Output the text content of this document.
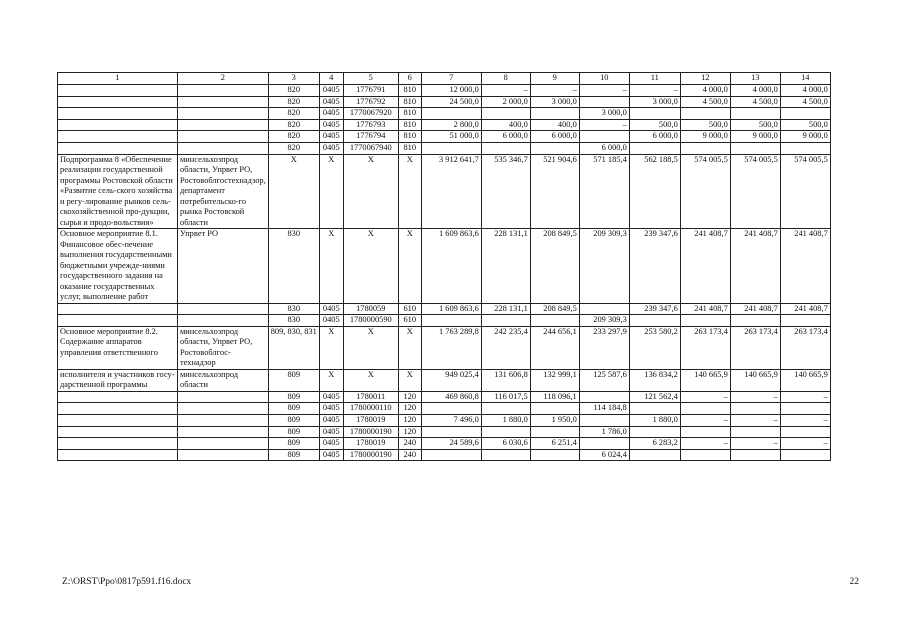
1	2	3	4	5	6	7	8	9	10	11	12	13	14
		820	0405	1776791	810	12 000,0	–	–	–	–	4 000,0	4 000,0	4 000,0
		820	0405	1776792	810	24 500,0	2 000,0	3 000,0		3 000,0	4 500,0	4 500,0	4 500,0
		820	0405	1770067920	810				3 000,0				
		820	0405	1776793	810	2 800,0	400,0	400,0	–	500,0	500,0	500,0	500,0
		820	0405	1776794	810	51 000,0	6 000,0	6 000,0		6 000,0	9 000,0	9 000,0	9 000,0
		820	0405	1770067940	810				6 000,0				
Подпрограмма 8 «Обеспечение реализации государственной программы Ростовской области «Развитие сель-ского хозяйства и регу-лирование рынков сель-скохозяйственной про-дукции, сырья и продо-вольствия»	минсельхозпрод области, Упрвет РО, Ростовоблгостехнадзор, департамент потребительско-го рынка Ростовской области	X	X	X	X	3 912 641,7	535 346,7	521 904,6	571 185,4	562 188,5	574 005,5	574 005,5	574 005,5
Основное мероприятие 8.1. Финансовое обес-печение выполнения государственными бюджетными учрежде-ниями государственного задания на оказание государственных услуг, выполнение работ	Упрвет РО	830	X	X	X	1 609 863,6	228 131,1	208 849,5	209 309,3	239 347,6	241 408,7	241 408,7	241 408,7
		830	0405	1780059	610	1 609 863,6	228 131,1	208 849,5		239 347,6	241 408,7	241 408,7	241 408,7
		830	0405	1780000590	610				209 309,3				
Основное мероприятие 8.2. Содержание аппаратов управления ответственного	минсельхозпрод области, Упрвет РО, Ростовоблгос-технадзор	809, 830, 831	X	X	X	1 763 289,8	242 235,4	244 656,1	233 297,9	253 580,2	263 173,4	263 173,4	263 173,4
исполнителя и участников госу-дарственной программы	минсельхозпрод области	809	X	X	X	949 025,4	131 606,8	132 999,1	125 587,6	136 834,2	140 665,9	140 665,9	140 665,9
		809	0405	1780011	120	469 860,8	116 017,5	118 096,1		121 562,4	–	–	–
		809	0405	1780000110	120				114 184,8				
		809	0405	1780019	120	7 496,0	1 880,0	1 950,0		1 880,0	–	–	–
		809	0405	1780000190	120				1 786,0				
		809	0405	1780019	240	24 589,6	6 030,6	6 251,4		6 283,2	–	–	–
		809	0405	1780000190	240				6 024,4				
Z:\ORST\Ppo\0817p591.f16.docx	22
